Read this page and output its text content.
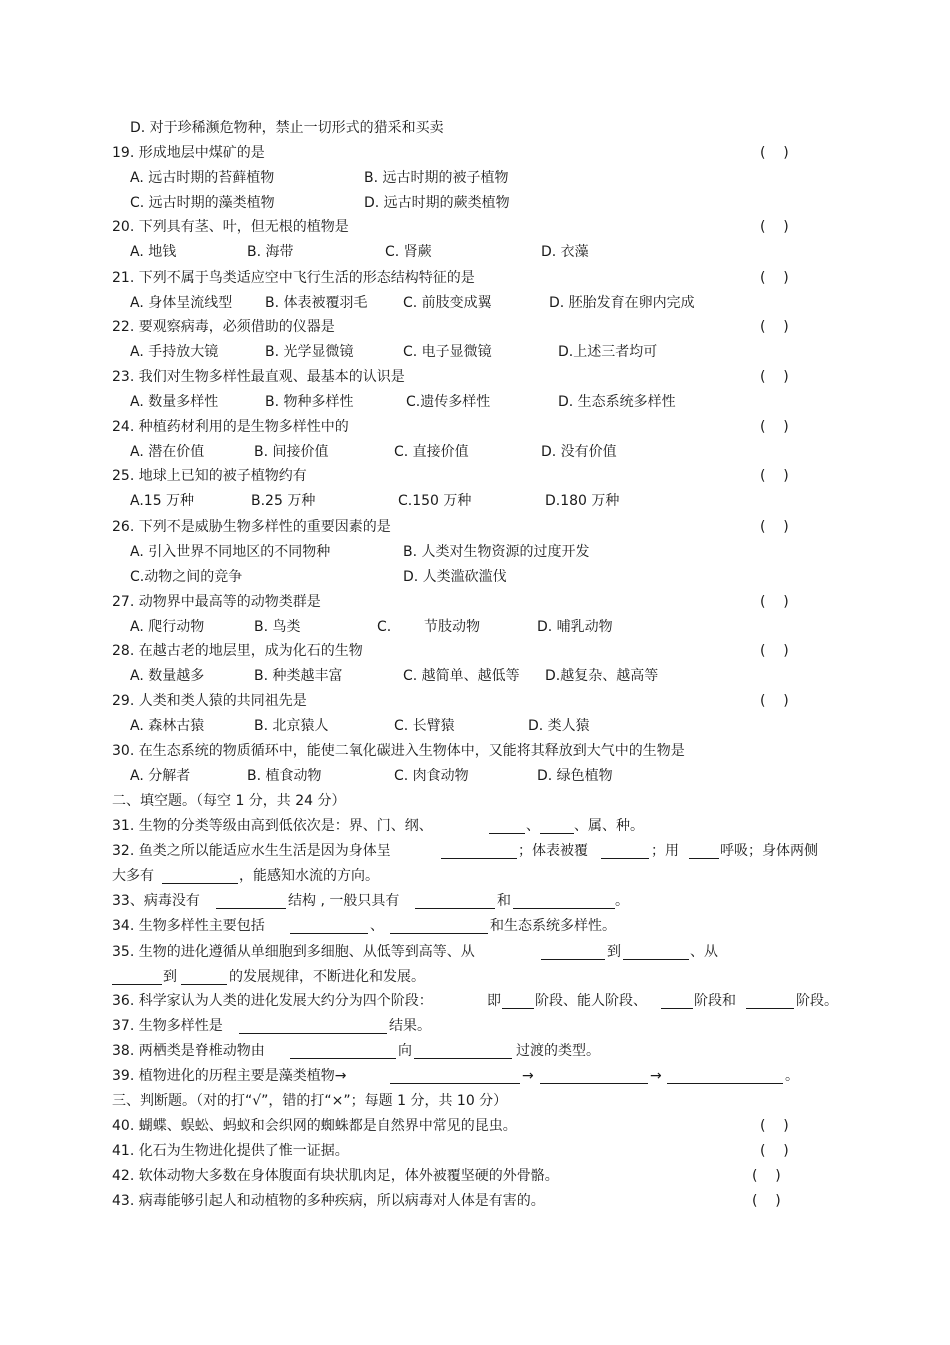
D. 对于珍稀濒危物种，禁止一切形式的猎采和买卖
19. 形成地层中煤矿的是	(    )
A. 远古时期的苔藓植物	B. 远古时期的被子植物
C. 远古时期的藻类植物	D. 远古时期的蕨类植物
20. 下列具有茎、叶，但无根的植物是	(    )
A. 地钱	B. 海带	C. 肾蕨	D. 衣藻
21. 下列不属于鸟类适应空中飞行生活的形态结构特征的是	(    )
A. 身体呈流线型 B. 体表被覆羽毛	C. 前肢变成翼	D. 胚胎发育在卵内完成
22. 要观察病毒，必须借助的仪器是	(    )
A. 手持放大镜	B. 光学显微镜	C. 电子显微镜	D.上述三者均可
23. 我们对生物多样性最直观、最基本的认识是	(    )
A. 数量多样性	B. 物种多样性	C.遗传多样性	D. 生态系统多样性
24. 种植药材利用的是生物多样性中的	(    )
A. 潜在价值	B. 间接价值	C. 直接价值	D. 没有价值
25. 地球上已知的被子植物约有	(    )
A.15 万种	B.25 万种	C.150 万种	D.180 万种
26. 下列不是威胁生物多样性的重要因素的是	(    )
A. 引入世界不同地区的不同物种	B. 人类对生物资源的过度开发
C.动物之间的竞争	D. 人类滥砍滥伐
27. 动物界中最高等的动物类群是	(    )
A. 爬行动物	B. 鸟类	C. 节肢动物	D. 哺乳动物
28. 在越古老的地层里，成为化石的生物	(    )
A. 数量越多	B. 种类越丰富	C. 越简单、越低等 D.越复杂、越高等
29. 人类和类人猿的共同祖先是	(    )
A. 森林古猿	B. 北京猿人	C. 长臂猿	D. 类人猿
30. 在生态系统的物质循环中，能使二氧化碳进入生物体中，又能将其释放到大气中的生物是
A. 分解者	B. 植食动物	C. 肉食动物	D. 绿色植物
二、填空题。（每空 1 分，共 24 分）
31. 生物的分类等级由高到低依次是：界、门、纲、	、 、属、种。
32. 鱼类之所以能适应水生生活是因为身体呈	；体表被覆	；用	呼吸；身体两侧
大多有	，能感知水流的方向。
33、病毒没有	结构 , 一般只具有	和	。
34. 生物多样性主要包括	、	和生态系统多样性。
35. 生物的进化遵循从单细胞到多细胞、从低等到高等、从	到	、从
到	的发展规律，不断进化和发展。
36. 科学家认为人类的进化发展大约分为四个阶段：	即 阶段、能人阶段、	阶段和	阶段。
37. 生物多样性是	结果。
38. 两栖类是脊椎动物由	向	过渡的类型。
39. 植物进化的历程主要是藻类植物→	→	→	。
三、判断题。（对的打“√”，错的打“×”；每题 1 分，共 10 分）
40. 蝴蝶、蜈蚣、蚂蚁和会织网的蜘蛛都是自然界中常见的昆虫。	(    )
41. 化石为生物进化提供了惟一证据。	(    )
42. 软体动物大多数在身体腹面有块状肌肉足，体外被覆坚硬的外骨骼。	(    )
43. 病毒能够引起人和动植物的多种疾病，所以病毒对人体是有害的。	(    )
